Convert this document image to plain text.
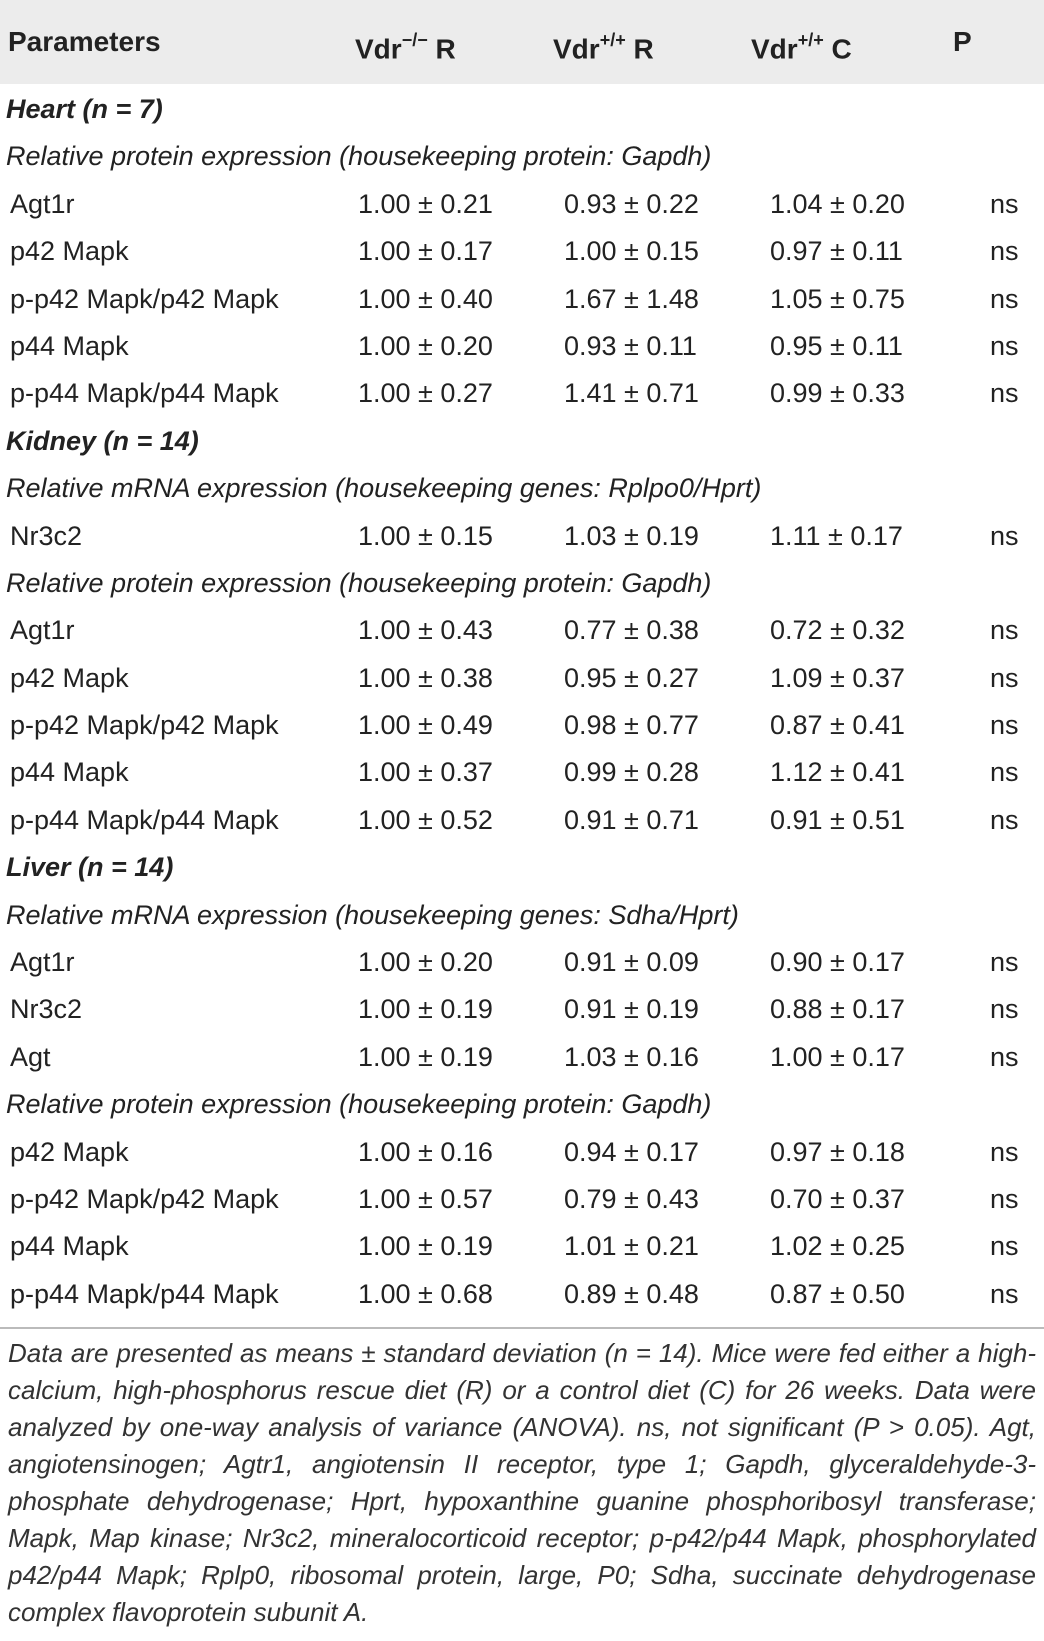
Parameters	Vdr−/− R	Vdr+/+ R	Vdr+/+ C	P
Heart (n = 7)
Relative protein expression (housekeeping protein: Gapdh)
Agt1r	1.00 ± 0.21	0.93 ± 0.22	1.04 ± 0.20	ns
p42 Mapk	1.00 ± 0.17	1.00 ± 0.15	0.97 ± 0.11	ns
p-p42 Mapk/p42 Mapk	1.00 ± 0.40	1.67 ± 1.48	1.05 ± 0.75	ns
p44 Mapk	1.00 ± 0.20	0.93 ± 0.11	0.95 ± 0.11	ns
p-p44 Mapk/p44 Mapk	1.00 ± 0.27	1.41 ± 0.71	0.99 ± 0.33	ns
Kidney (n = 14)
Relative mRNA expression (housekeeping genes: Rplpo0/Hprt)
Nr3c2	1.00 ± 0.15	1.03 ± 0.19	1.11 ± 0.17	ns
Relative protein expression (housekeeping protein: Gapdh)
Agt1r	1.00 ± 0.43	0.77 ± 0.38	0.72 ± 0.32	ns
p42 Mapk	1.00 ± 0.38	0.95 ± 0.27	1.09 ± 0.37	ns
p-p42 Mapk/p42 Mapk	1.00 ± 0.49	0.98 ± 0.77	0.87 ± 0.41	ns
p44 Mapk	1.00 ± 0.37	0.99 ± 0.28	1.12 ± 0.41	ns
p-p44 Mapk/p44 Mapk	1.00 ± 0.52	0.91 ± 0.71	0.91 ± 0.51	ns
Liver (n = 14)
Relative mRNA expression (housekeeping genes: Sdha/Hprt)
Agt1r	1.00 ± 0.20	0.91 ± 0.09	0.90 ± 0.17	ns
Nr3c2	1.00 ± 0.19	0.91 ± 0.19	0.88 ± 0.17	ns
Agt	1.00 ± 0.19	1.03 ± 0.16	1.00 ± 0.17	ns
Relative protein expression (housekeeping protein: Gapdh)
p42 Mapk	1.00 ± 0.16	0.94 ± 0.17	0.97 ± 0.18	ns
p-p42 Mapk/p42 Mapk	1.00 ± 0.57	0.79 ± 0.43	0.70 ± 0.37	ns
p44 Mapk	1.00 ± 0.19	1.01 ± 0.21	1.02 ± 0.25	ns
p-p44 Mapk/p44 Mapk	1.00 ± 0.68	0.89 ± 0.48	0.87 ± 0.50	ns
Data are presented as means ± standard deviation (n = 14). Mice were fed either a high-calcium, high-phosphorus rescue diet (R) or a control diet (C) for 26 weeks. Data were analyzed by one-way analysis of variance (ANOVA). ns, not significant (P > 0.05). Agt, angiotensinogen; Agtr1, angiotensin II receptor, type 1; Gapdh, glyceraldehyde-3-phosphate dehydrogenase; Hprt, hypoxanthine guanine phosphoribosyl transferase; Mapk, Map kinase; Nr3c2, mineralocorticoid receptor; p-p42/p44 Mapk, phosphorylated p42/p44 Mapk; Rplp0, ribosomal protein, large, P0; Sdha, succinate dehydrogenase complex flavoprotein subunit A.
